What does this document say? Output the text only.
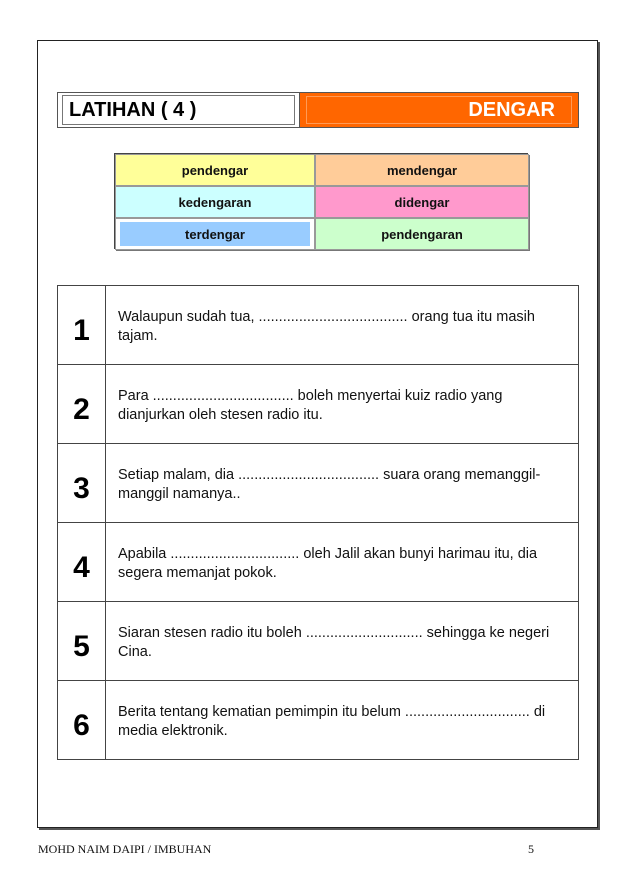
LATIHAN ( 4 )	DENGAR
pendengar	mendengar
kedengaran	didengar
terdengar	pendengaran
1	Walaupun sudah tua, ..................................... orang tua itu masih tajam.
2	Para ................................... boleh menyertai kuiz radio yang dianjurkan oleh stesen radio itu.
3	Setiap malam, dia ................................... suara orang memanggil-manggil namanya..
4	Apabila ................................ oleh Jalil akan bunyi harimau itu, dia segera memanjat pokok.
5	Siaran stesen radio itu boleh ............................. sehingga ke negeri Cina.
6	Berita tentang kematian pemimpin itu belum ............................... di media elektronik.
MOHD NAIM DAIPI / IMBUHAN	5
